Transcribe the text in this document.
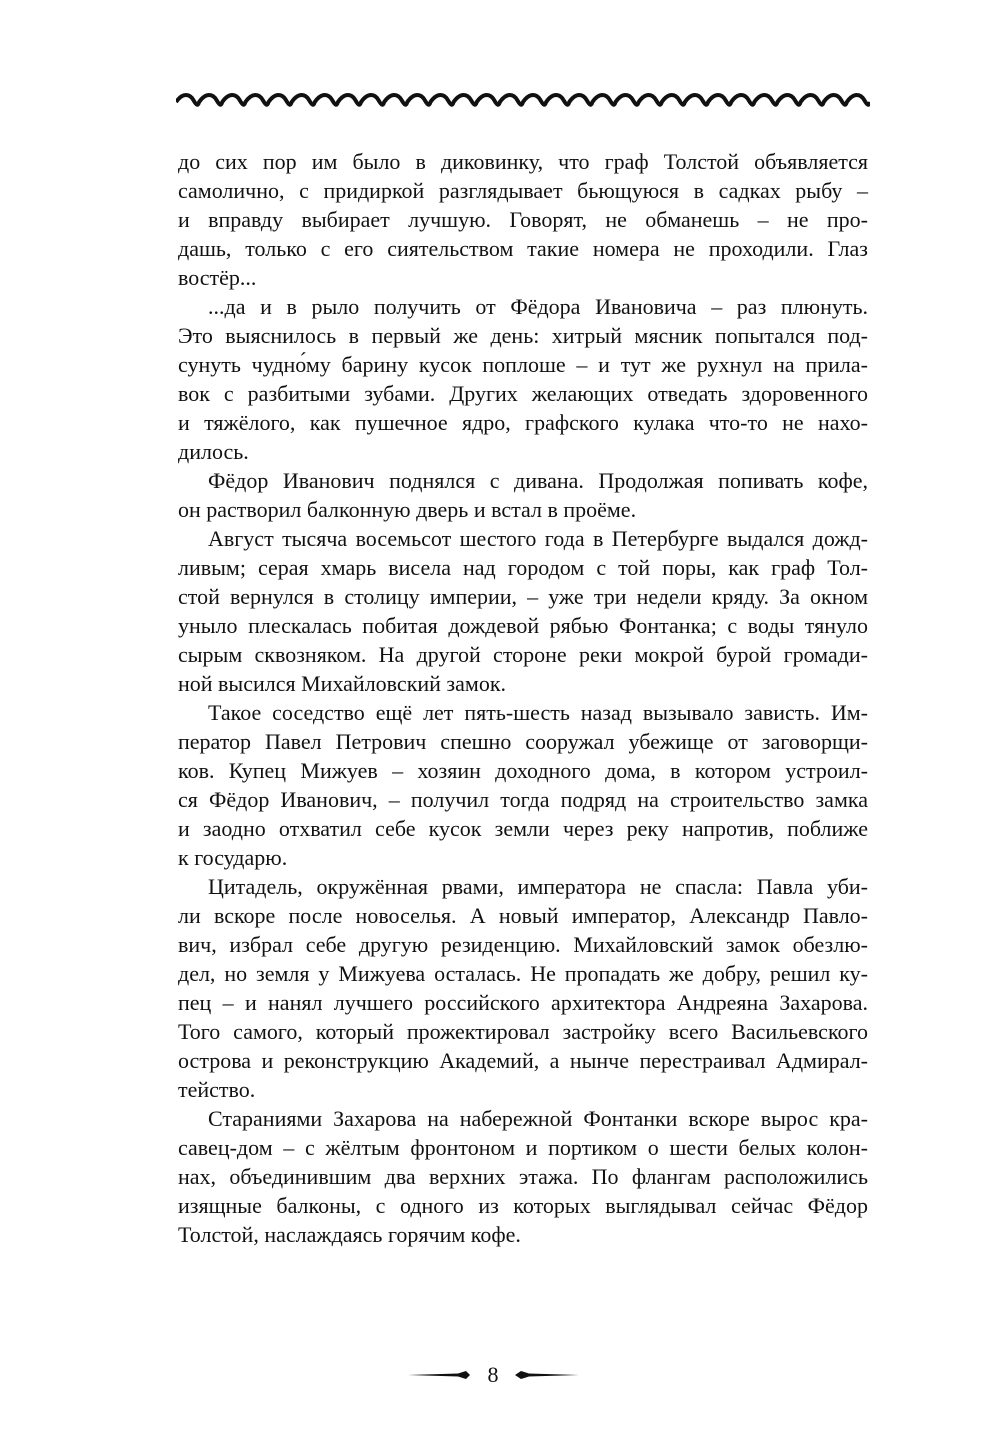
до сих пор им было в диковинку, что граф Толстой объявляется
самолично, с придиркой разглядывает бьющуюся в садках рыбу –
и вправду выбирает лучшую. Говорят, не обманешь – не про-
дашь, только с его сиятельством такие номера не проходили. Глаз
востёр...
...да и в рыло получить от Фёдора Ивановича – раз плюнуть.
Это выяснилось в первый же день: хитрый мясник попытался под-
сунуть чудно́му барину кусок поплоше – и тут же рухнул на прила-
вок с разбитыми зубами. Других желающих отведать здоровенного
и тяжёлого, как пушечное ядро, графского кулака что-то не нахо-
дилось.
Фёдор Иванович поднялся с дивана. Продолжая попивать кофе,
он растворил балконную дверь и встал в проёме.
Август тысяча восемьсот шестого года в Петербурге выдался дожд-
ливым; серая хмарь висела над городом с той поры, как граф Тол-
стой вернулся в столицу империи, – уже три недели кряду. За окном
уныло плескалась побитая дождевой рябью Фонтанка; с воды тянуло
сырым сквозняком. На другой стороне реки мокрой бурой громади-
ной высился Михайловский замок.
Такое соседство ещё лет пять-шесть назад вызывало зависть. Им-
ператор Павел Петрович спешно сооружал убежище от заговорщи-
ков. Купец Мижуев – хозяин доходного дома, в котором устроил-
ся Фёдор Иванович, – получил тогда подряд на строительство замка
и заодно отхватил себе кусок земли через реку напротив, поближе
к государю.
Цитадель, окружённая рвами, императора не спасла: Павла уби-
ли вскоре после новоселья. А новый император, Александр Павло-
вич, избрал себе другую резиденцию. Михайловский замок обезлю-
дел, но земля у Мижуева осталась. Не пропадать же добру, решил ку-
пец – и нанял лучшего российского архитектора Андреяна Захарова.
Того самого, который прожектировал застройку всего Васильевского
острова и реконструкцию Академий, а нынче перестраивал Адмирал-
тейство.
Стараниями Захарова на набережной Фонтанки вскоре вырос кра-
савец-дом – с жёлтым фронтоном и портиком о шести белых колон-
нах, объединившим два верхних этажа. По флангам расположились
изящные балконы, с одного из которых выглядывал сейчас Фёдор
Толстой, наслаждаясь горячим кофе.
8
